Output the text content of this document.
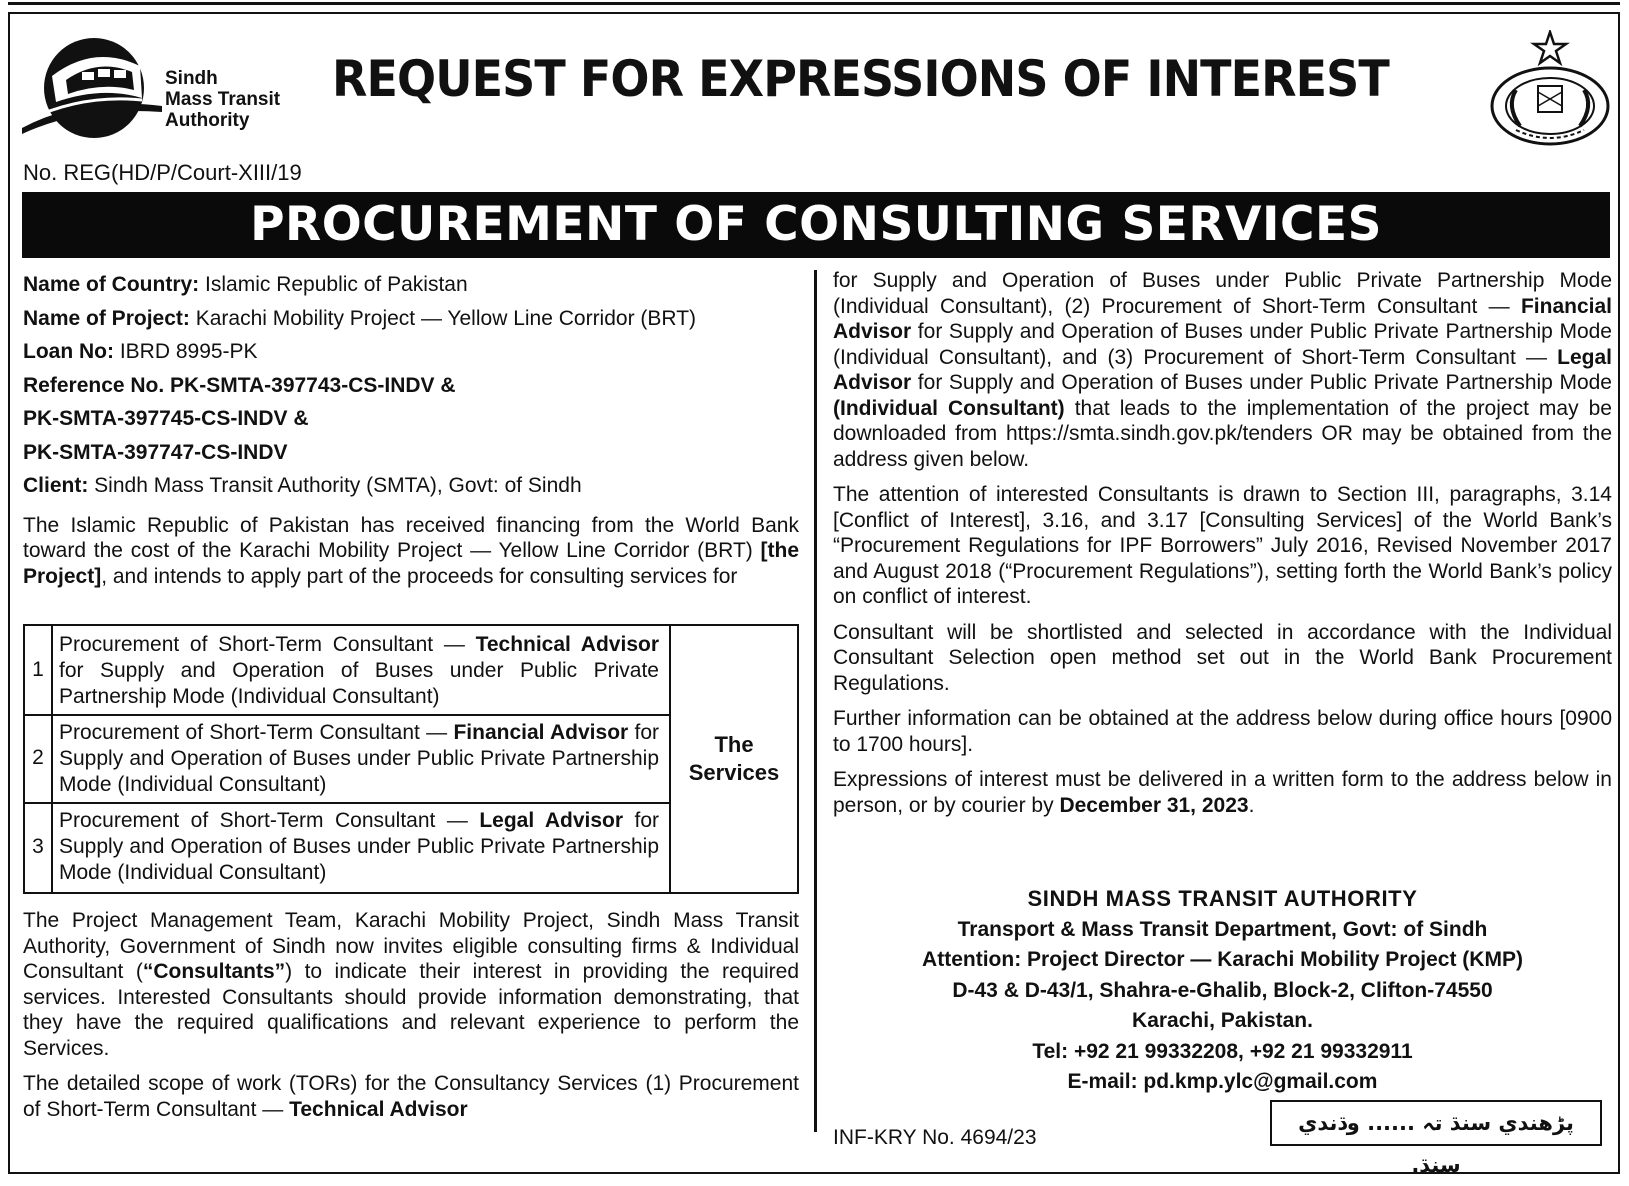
Sindh
Mass Transit
Authority
REQUEST FOR EXPRESSIONS OF INTEREST
No. REG(HD/P/Court-XIII/19
PROCUREMENT OF CONSULTING SERVICES
Name of Country: Islamic Republic of Pakistan
Name of Project: Karachi Mobility Project — Yellow Line Corridor (BRT)
Loan No: IBRD 8995-PK
Reference No. PK-SMTA-397743-CS-INDV &
PK-SMTA-397745-CS-INDV &
PK-SMTA-397747-CS-INDV
Client: Sindh Mass Transit Authority (SMTA), Govt: of Sindh

The Islamic Republic of Pakistan has received financing from the World Bank toward the cost of the Karachi Mobility Project — Yellow Line Corridor (BRT) [the Project], and intends to apply part of the proceeds for consulting services for

1
Procurement of Short-Term Consultant — Technical Advisor for Supply and Operation of Buses under Public Private Partnership Mode (Individual Consultant)
2
Procurement of Short-Term Consultant — Financial Advisor for Supply and Operation of Buses under Public Private Partnership Mode (Individual Consultant)
3
Procurement of Short-Term Consultant — Legal Advisor for Supply and Operation of Buses under Public Private Partnership Mode (Individual Consultant)
The Services

The Project Management Team, Karachi Mobility Project, Sindh Mass Transit Authority, Government of Sindh now invites eligible consulting firms & Individual Consultant (“Consultants”) to indicate their interest in providing the required services. Interested Consultants should provide information demonstrating, that they have the required qualifications and relevant experience to perform the Services.

The detailed scope of work (TORs) for the Consultancy Services (1) Procurement of Short-Term Consultant — Technical Advisor

for Supply and Operation of Buses under Public Private Partnership Mode (Individual Consultant), (2) Procurement of Short-Term Consultant — Financial Advisor for Supply and Operation of Buses under Public Private Partnership Mode (Individual Consultant), and (3) Procurement of Short-Term Consultant — Legal Advisor for Supply and Operation of Buses under Public Private Partnership Mode (Individual Consultant) that leads to the implementation of the project may be downloaded from https://smta.sindh.gov.pk/tenders OR may be obtained from the address given below.

The attention of interested Consultants is drawn to Section III, paragraphs, 3.14 [Conflict of Interest], 3.16, and 3.17 [Consulting Services] of the World Bank’s “Procurement Regulations for IPF Borrowers” July 2016, Revised November 2017 and August 2018 (“Procurement Regulations”), setting forth the World Bank’s policy on conflict of interest.

Consultant will be shortlisted and selected in accordance with the Individual Consultant Selection open method set out in the World Bank Procurement Regulations.

Further information can be obtained at the address below during office hours [0900 to 1700 hours].

Expressions of interest must be delivered in a written form to the address below in person, or by courier by December 31, 2023.

SINDH MASS TRANSIT AUTHORITY
Transport & Mass Transit Department, Govt: of Sindh
Attention: Project Director — Karachi Mobility Project (KMP)
D-43 & D-43/1, Shahra-e-Ghalib, Block-2, Clifton-74550
Karachi, Pakistan.
Tel: +92 21 99332208, +92 21 99332911
E-mail: pd.kmp.ylc@gmail.com
INF-KRY No. 4694/23
پڑھندي سنڌ تہ ...... وڌندي سنڌ.
